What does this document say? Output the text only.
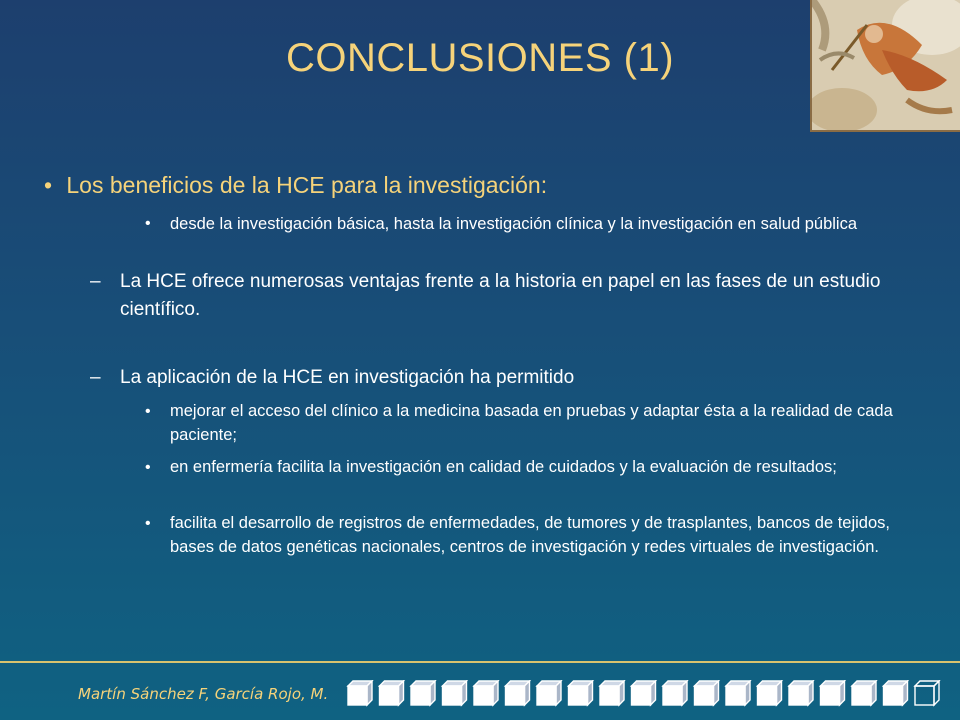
CONCLUSIONES (1)
• Los beneficios de la HCE para la investigación:
• desde la investigación básica, hasta la investigación clínica y la investigación en salud pública
– La HCE ofrece numerosas ventajas frente a la historia en papel en las fases de un estudio científico.
– La aplicación de la HCE en investigación ha permitido
• mejorar el acceso del clínico a la medicina basada en pruebas y adaptar ésta a la realidad de cada paciente;
• en enfermería facilita la investigación en calidad de cuidados y la evaluación de resultados;
• facilita el desarrollo de registros de enfermedades, de tumores y de trasplantes, bancos de tejidos, bases de datos genéticas nacionales, centros de investigación y redes virtuales de investigación.
Martín Sánchez F, García Rojo, M.
